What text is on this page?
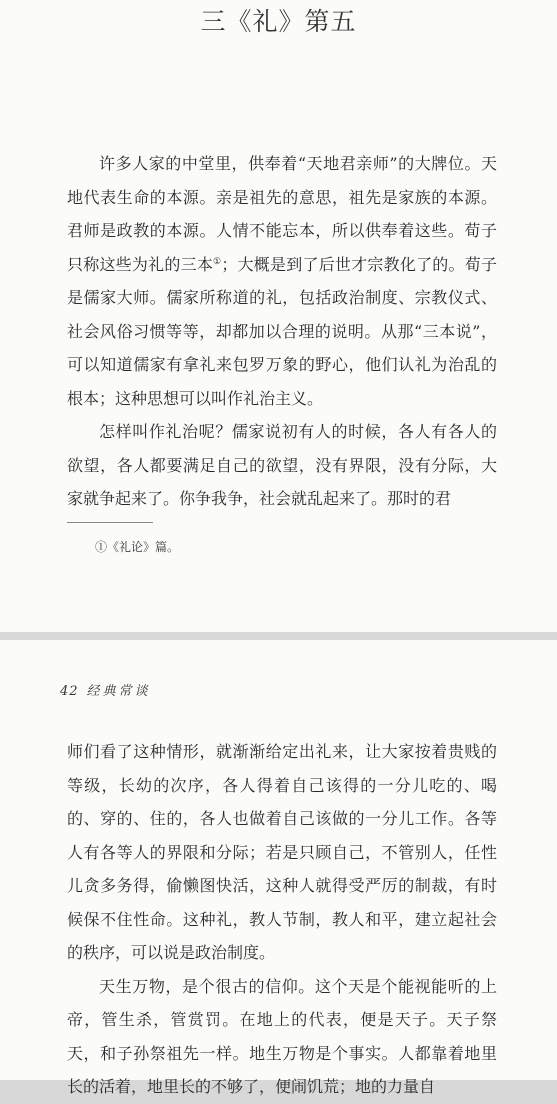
三《礼》第五

许多人家的中堂里，供奉着“天地君亲师”的大牌位。天地代表生命的本源。亲是祖先的意思，祖先是家族的本源。君师是政教的本源。人情不能忘本，所以供奉着这些。荀子只称这些为礼的三本①；大概是到了后世才宗教化了的。荀子是儒家大师。儒家所称道的礼，包括政治制度、宗教仪式、社会风俗习惯等等，却都加以合理的说明。从那“三本说”，可以知道儒家有拿礼来包罗万象的野心，他们认礼为治乱的根本；这种思想可以叫作礼治主义。

怎样叫作礼治呢？儒家说初有人的时候，各人有各人的欲望，各人都要满足自己的欲望，没有界限，没有分际，大家就争起来了。你争我争，社会就乱起来了。那时的君

①《礼论》篇。
42 经典常谈

师们看了这种情形，就渐渐给定出礼来，让大家按着贵贱的等级，长幼的次序，各人得着自己该得的一分儿吃的、喝的、穿的、住的，各人也做着自己该做的一分儿工作。各等人有各等人的界限和分际；若是只顾自己，不管别人，任性儿贪多务得，偷懒图快活，这种人就得受严厉的制裁，有时候保不住性命。这种礼，教人节制，教人和平，建立起社会的秩序，可以说是政治制度。

天生万物，是个很古的信仰。这个天是个能视能听的上帝，管生杀，管赏罚。在地上的代表，便是天子。天子祭天，和子孙祭祖先一样。地生万物是个事实。人都靠着地里长的活着，地里长的不够了，便闹饥荒；地的力量自
